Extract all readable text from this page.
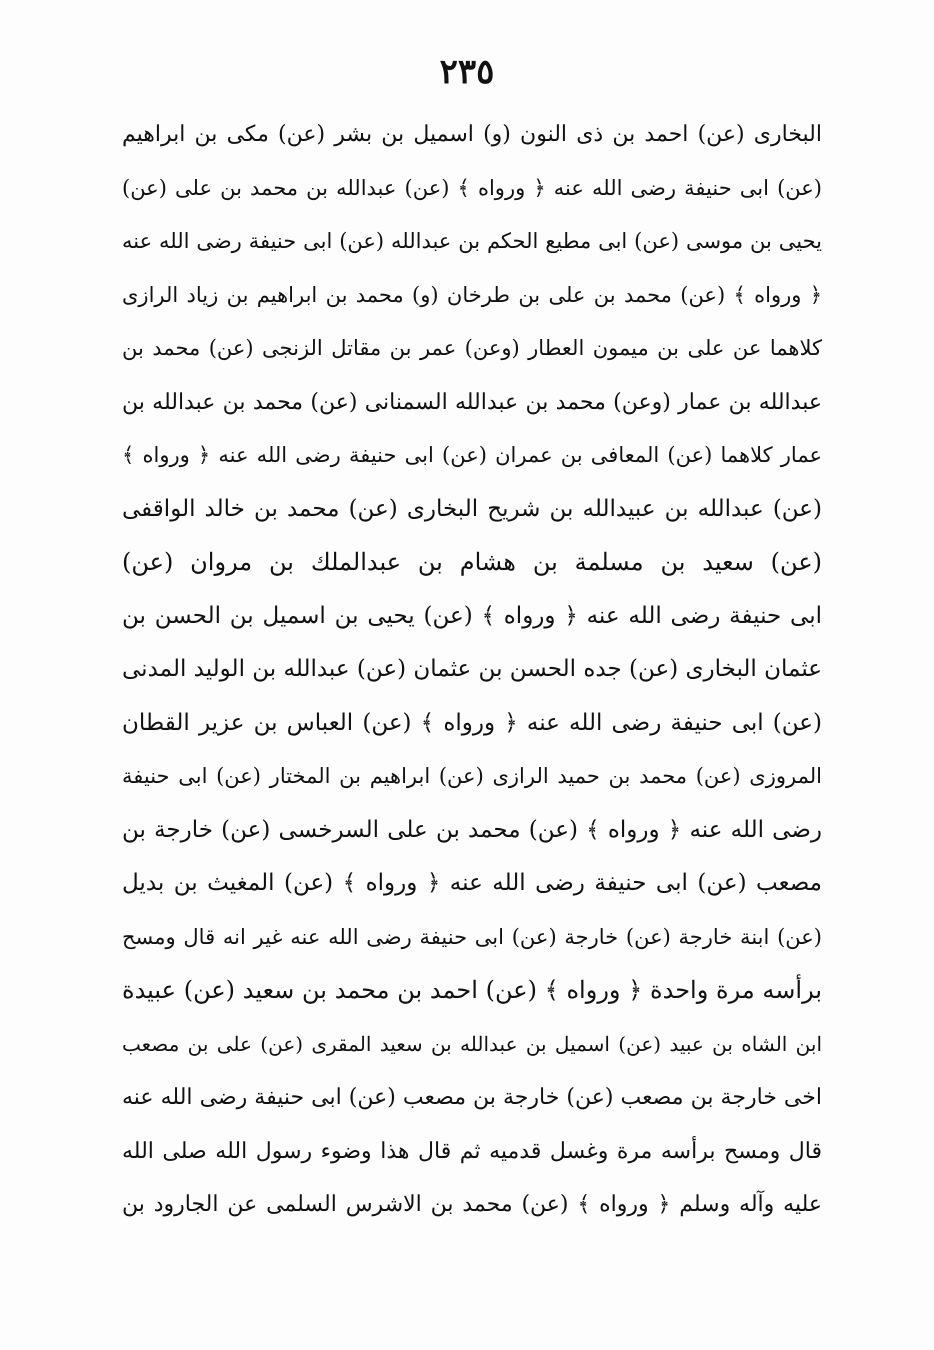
٢٣٥
البخارى (عن) احمد بن ذى النون (و) اسميل بن بشر (عن) مكى بن ابراهيم
(عن) ابى حنيفة رضى الله عنه ﴿ ورواه ﴾ (عن) عبدالله بن محمد بن على (عن)
يحيى بن موسى (عن) ابى مطيع الحكم بن عبدالله (عن) ابى حنيفة رضى الله عنه
﴿ ورواه ﴾ (عن) محمد بن على بن طرخان (و) محمد بن ابراهيم بن زياد الرازى
كلاهما عن على بن ميمون العطار (وعن) عمر بن مقاتل الزنجى (عن) محمد بن
عبدالله بن عمار (وعن) محمد بن عبدالله السمنانى (عن) محمد بن عبدالله بن
عمار كلاهما (عن) المعافى بن عمران (عن) ابى حنيفة رضى الله عنه ﴿ ورواه ﴾
(عن) عبدالله بن عبيدالله بن شريح البخارى (عن) محمد بن خالد الواقفى
(عن) سعيد بن مسلمة بن هشام بن عبدالملك بن مروان (عن)
ابى حنيفة رضى الله عنه ﴿ ورواه ﴾ (عن) يحيى بن اسميل بن الحسن بن
عثمان البخارى (عن) جده الحسن بن عثمان (عن) عبدالله بن الوليد المدنى
(عن) ابى حنيفة رضى الله عنه ﴿ ورواه ﴾ (عن) العباس بن عزير القطان
المروزى (عن) محمد بن حميد الرازى (عن) ابراهيم بن المختار (عن) ابى حنيفة
رضى الله عنه ﴿ ورواه ﴾ (عن) محمد بن على السرخسى (عن) خارجة بن
مصعب (عن) ابى حنيفة رضى الله عنه ﴿ ورواه ﴾ (عن) المغيث بن بديل
(عن) ابنة خارجة (عن) خارجة (عن) ابى حنيفة رضى الله عنه غير انه قال ومسح
برأسه مرة واحدة ﴿ ورواه ﴾ (عن) احمد بن محمد بن سعيد (عن) عبيدة
ابن الشاه بن عبيد (عن) اسميل بن عبدالله بن سعيد المقرى (عن) على بن مصعب
اخى خارجة بن مصعب (عن) خارجة بن مصعب (عن) ابى حنيفة رضى الله عنه
قال ومسح برأسه مرة وغسل قدميه ثم قال هذا وضوء رسول الله صلى الله
عليه وآله وسلم ﴿ ورواه ﴾ (عن) محمد بن الاشرس السلمى عن الجارود بن
